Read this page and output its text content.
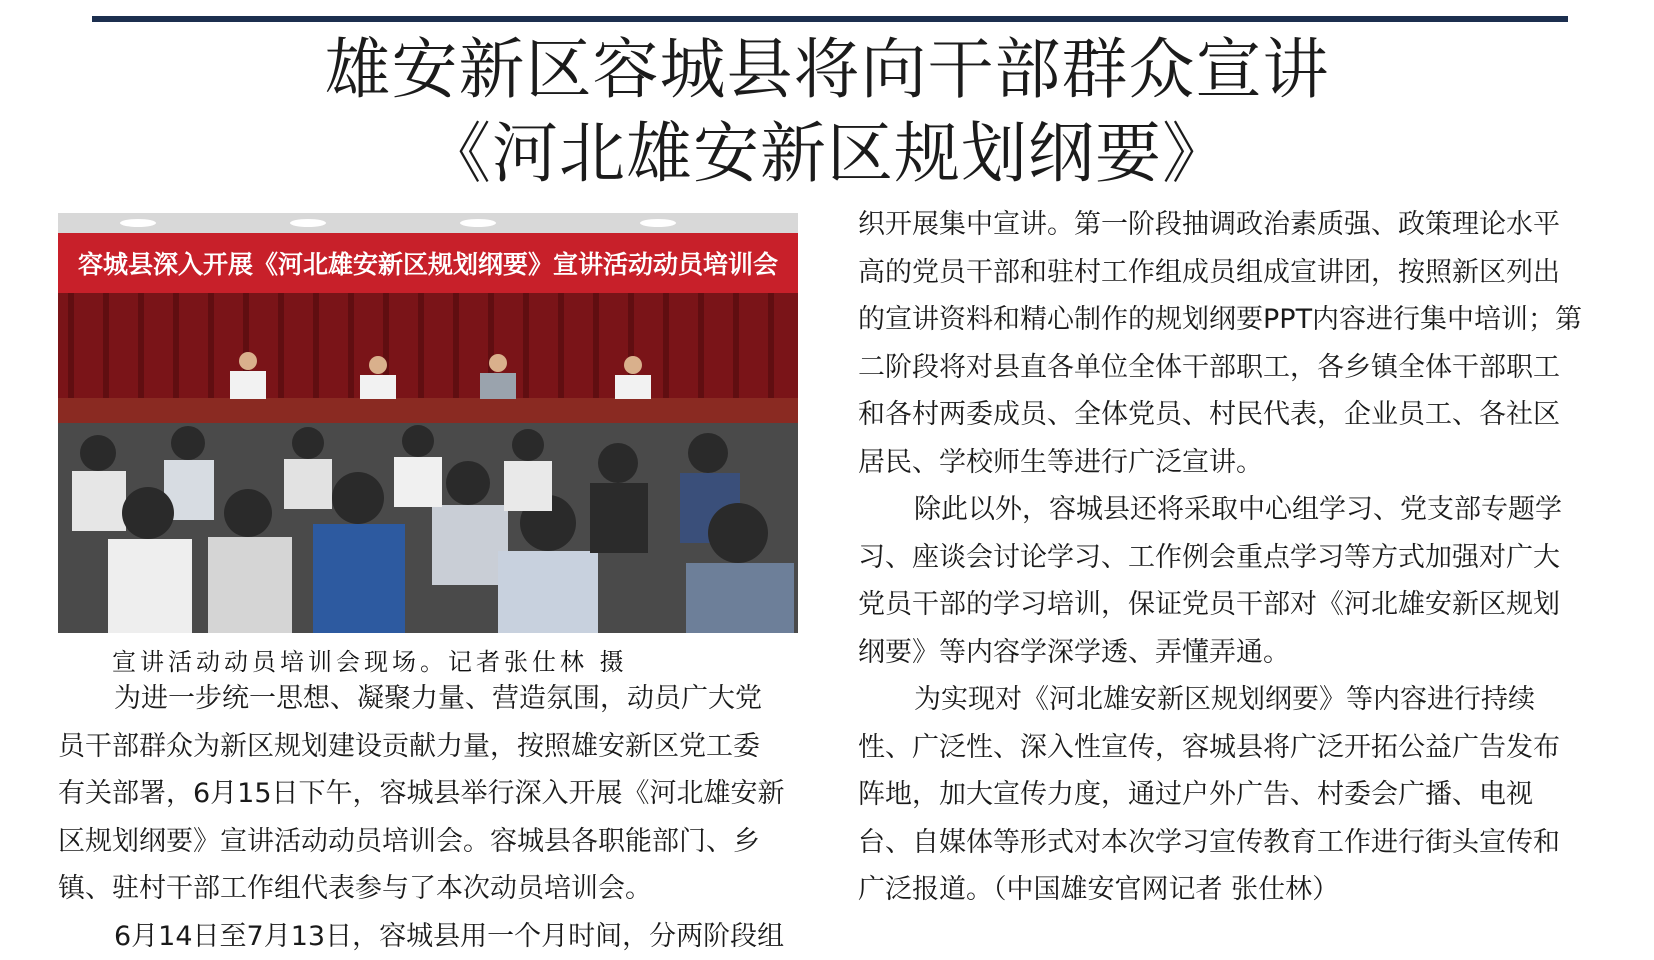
雄安新区容城县将向干部群众宣讲
《河北雄安新区规划纲要》
容城县深入开展《河北雄安新区规划纲要》宣讲活动动员培训会
宣讲活动动员培训会现场。记者张仕林 摄

为进一步统一思想、凝聚力量、营造氛围，动员广大党

员干部群众为新区规划建设贡献力量，按照雄安新区党工委

有关部署，6月15日下午，容城县举行深入开展《河北雄安新

区规划纲要》宣讲活动动员培训会。容城县各职能部门、乡

镇、驻村干部工作组代表参与了本次动员培训会。

6月14日至7月13日，容城县用一个月时间，分两阶段组

织开展集中宣讲。第一阶段抽调政治素质强、政策理论水平

高的党员干部和驻村工作组成员组成宣讲团，按照新区列出

的宣讲资料和精心制作的规划纲要PPT内容进行集中培训；第

二阶段将对县直各单位全体干部职工，各乡镇全体干部职工

和各村两委成员、全体党员、村民代表，企业员工、各社区

居民、学校师生等进行广泛宣讲。

除此以外，容城县还将采取中心组学习、党支部专题学

习、座谈会讨论学习、工作例会重点学习等方式加强对广大

党员干部的学习培训，保证党员干部对《河北雄安新区规划

纲要》等内容学深学透、弄懂弄通。

为实现对《河北雄安新区规划纲要》等内容进行持续

性、广泛性、深入性宣传，容城县将广泛开拓公益广告发布

阵地，加大宣传力度，通过户外广告、村委会广播、电视

台、自媒体等形式对本次学习宣传教育工作进行街头宣传和

广泛报道。（中国雄安官网记者 张仕林）
